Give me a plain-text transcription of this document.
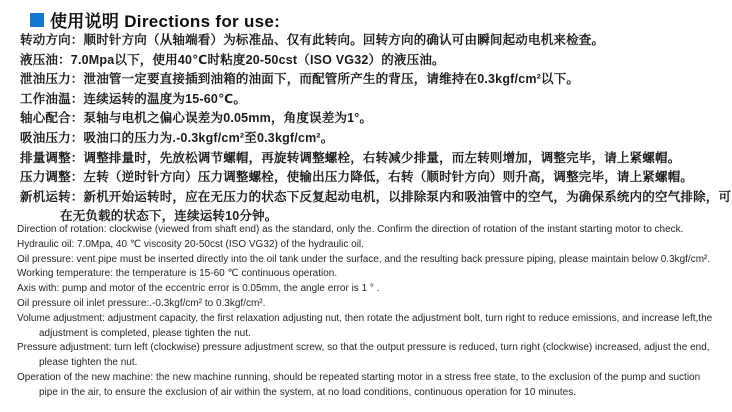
使用说明 Directions for use:
转动方向：顺时针方向（从轴端看）为标准品、仅有此转向。回转方向的确认可由瞬间起动电机来检查。
液压油：7.0Mpa以下，使用40℃时粘度20-50cst（ISO VG32）的液压油。
泄油压力：泄油管一定要直接插到油箱的油面下，而配管所产生的背压，请维持在0.3kgf/cm²以下。
工作油温：连续运转的温度为15-60℃。
轴心配合：泵轴与电机之偏心误差为0.05mm，角度误差为1°。
吸油压力：吸油口的压力为.-0.3kgf/cm²至0.3kgf/cm²。
排量调整：调整排量时，先放松调节螺帽，再旋转调整螺栓，右转减少排量，而左转则增加，调整完毕，请上紧螺帽。
压力调整：左转（逆时针方向）压力调整螺栓，使输出压力降低，右转（顺时针方向）则升高，调整完毕，请上紧螺帽。
新机运转：新机开始运转时，应在无压力的状态下反复起动电机，以排除泵内和吸油管中的空气，为确保系统内的空气排除，可
在无负载的状态下，连续运转10分钟。
Direction of rotation: clockwise (viewed from shaft end) as the standard, only the. Confirm the direction of rotation of the instant starting motor to check.
Hydraulic oil: 7.0Mpa, 40 ℃ viscosity 20-50cst (ISO VG32) of the hydraulic oil.
Oil pressure: vent pipe must be inserted directly into the oil tank under the surface, and the resulting back pressure piping, please maintain below 0.3kgf/cm².
Working temperature: the temperature is 15-60 ℃ continuous operation.
Axis with: pump and motor of the eccentric error is 0.05mm, the angle error is 1 ° .
Oil pressure oil inlet pressure:.-0.3kgf/cm² to 0.3kgf/cm².
Volume adjustment: adjustment capacity, the first relaxation adjusting nut, then rotate the adjustment bolt, turn right to reduce emissions, and increase left,the
adjustment is completed, please tighten the nut.
Pressure adjustment: turn left (clockwise) pressure adjustment screw, so that the output pressure is reduced, turn right (clockwise) increased, adjust the end,
please tighten the nut.
Operation of the new machine: the new machine running, should be repeated starting motor in a stress free state, to the exclusion of the pump and suction
pipe in the air, to ensure the exclusion of air within the system, at no load conditions, continuous operation for 10 minutes.
